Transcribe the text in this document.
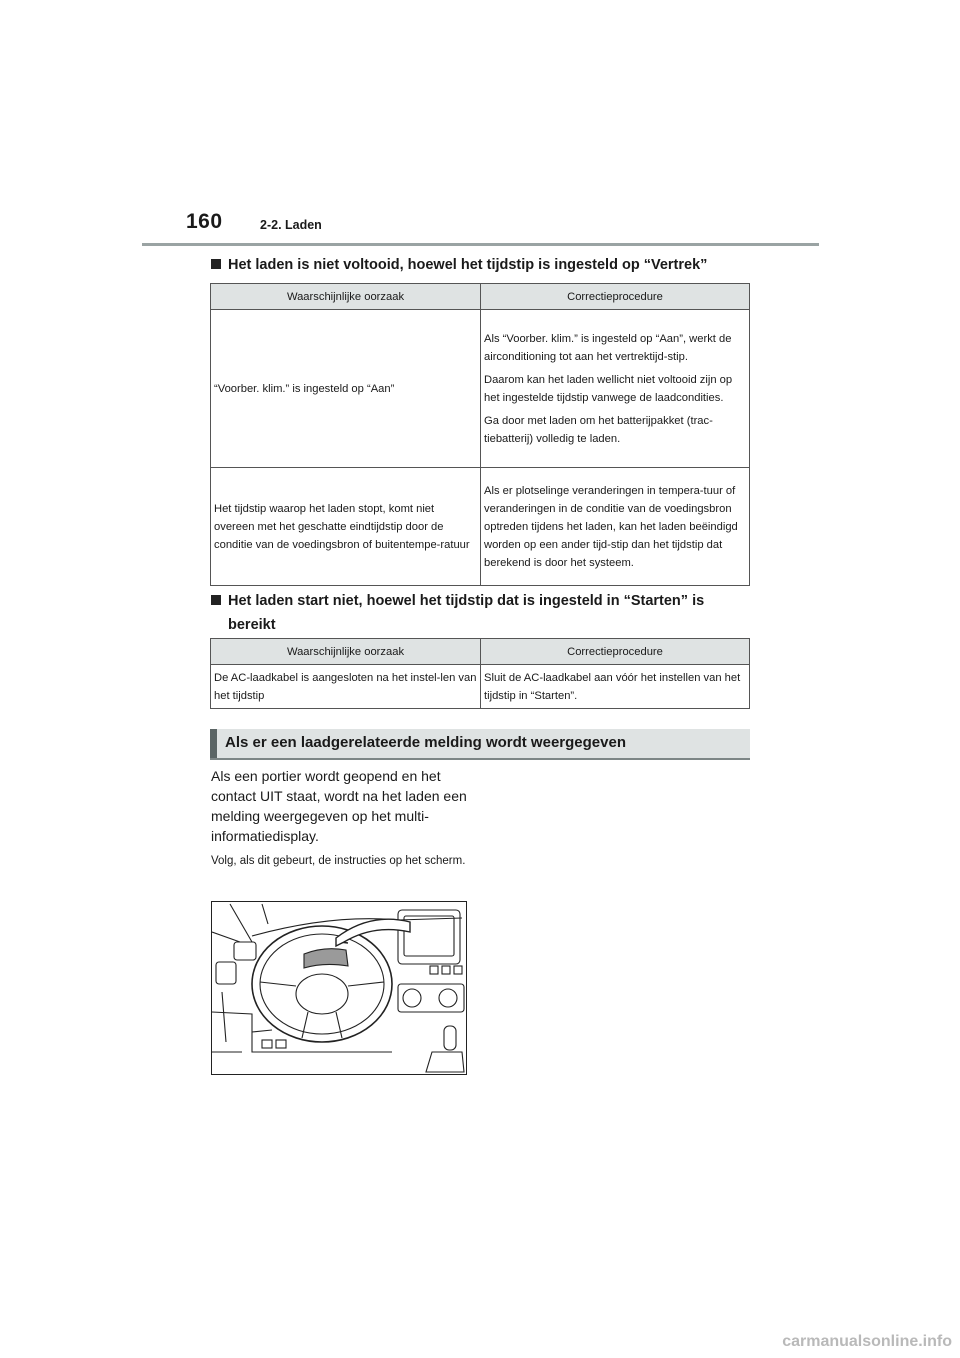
160	2-2. Laden
Het laden is niet voltooid, hoewel het tijdstip is ingesteld op “Vertrek”
Waarschijnlijke oorzaak	Correctieprocedure
“Voorber. klim.” is ingesteld op “Aan”	Als “Voorber. klim.” is ingesteld op “Aan”, werkt de airconditioning tot aan het vertrektijd-stip.

Daarom kan het laden wellicht niet voltooid zijn op het ingestelde tijdstip vanwege de laadcondities.

Ga door met laden om het batterijpakket (trac-tiebatterij) volledig te laden.

Het tijdstip waarop het laden stopt, komt niet overeen met het geschatte eindtijdstip door de conditie van de voedingsbron of buitentempe-ratuur	Als er plotselinge veranderingen in tempera-tuur of veranderingen in de conditie van de voedingsbron optreden tijdens het laden, kan het laden beëindigd worden op een ander tijd-stip dan het tijdstip dat berekend is door het systeem.

Het laden start niet, hoewel het tijdstip dat is ingesteld in “Starten” is bereikt
Waarschijnlijke oorzaak	Correctieprocedure
De AC-laadkabel is aangesloten na het instel-len van het tijdstip	Sluit de AC-laadkabel aan vóór het instellen van het tijdstip in “Starten”.

Als er een laadgerelateerde melding wordt weergegeven
Als een portier wordt geopend en het contact UIT staat, wordt na het laden een melding weergegeven op het multi-informatiedisplay.
Volg, als dit gebeurt, de instructies op het scherm.
carmanualsonline.info
